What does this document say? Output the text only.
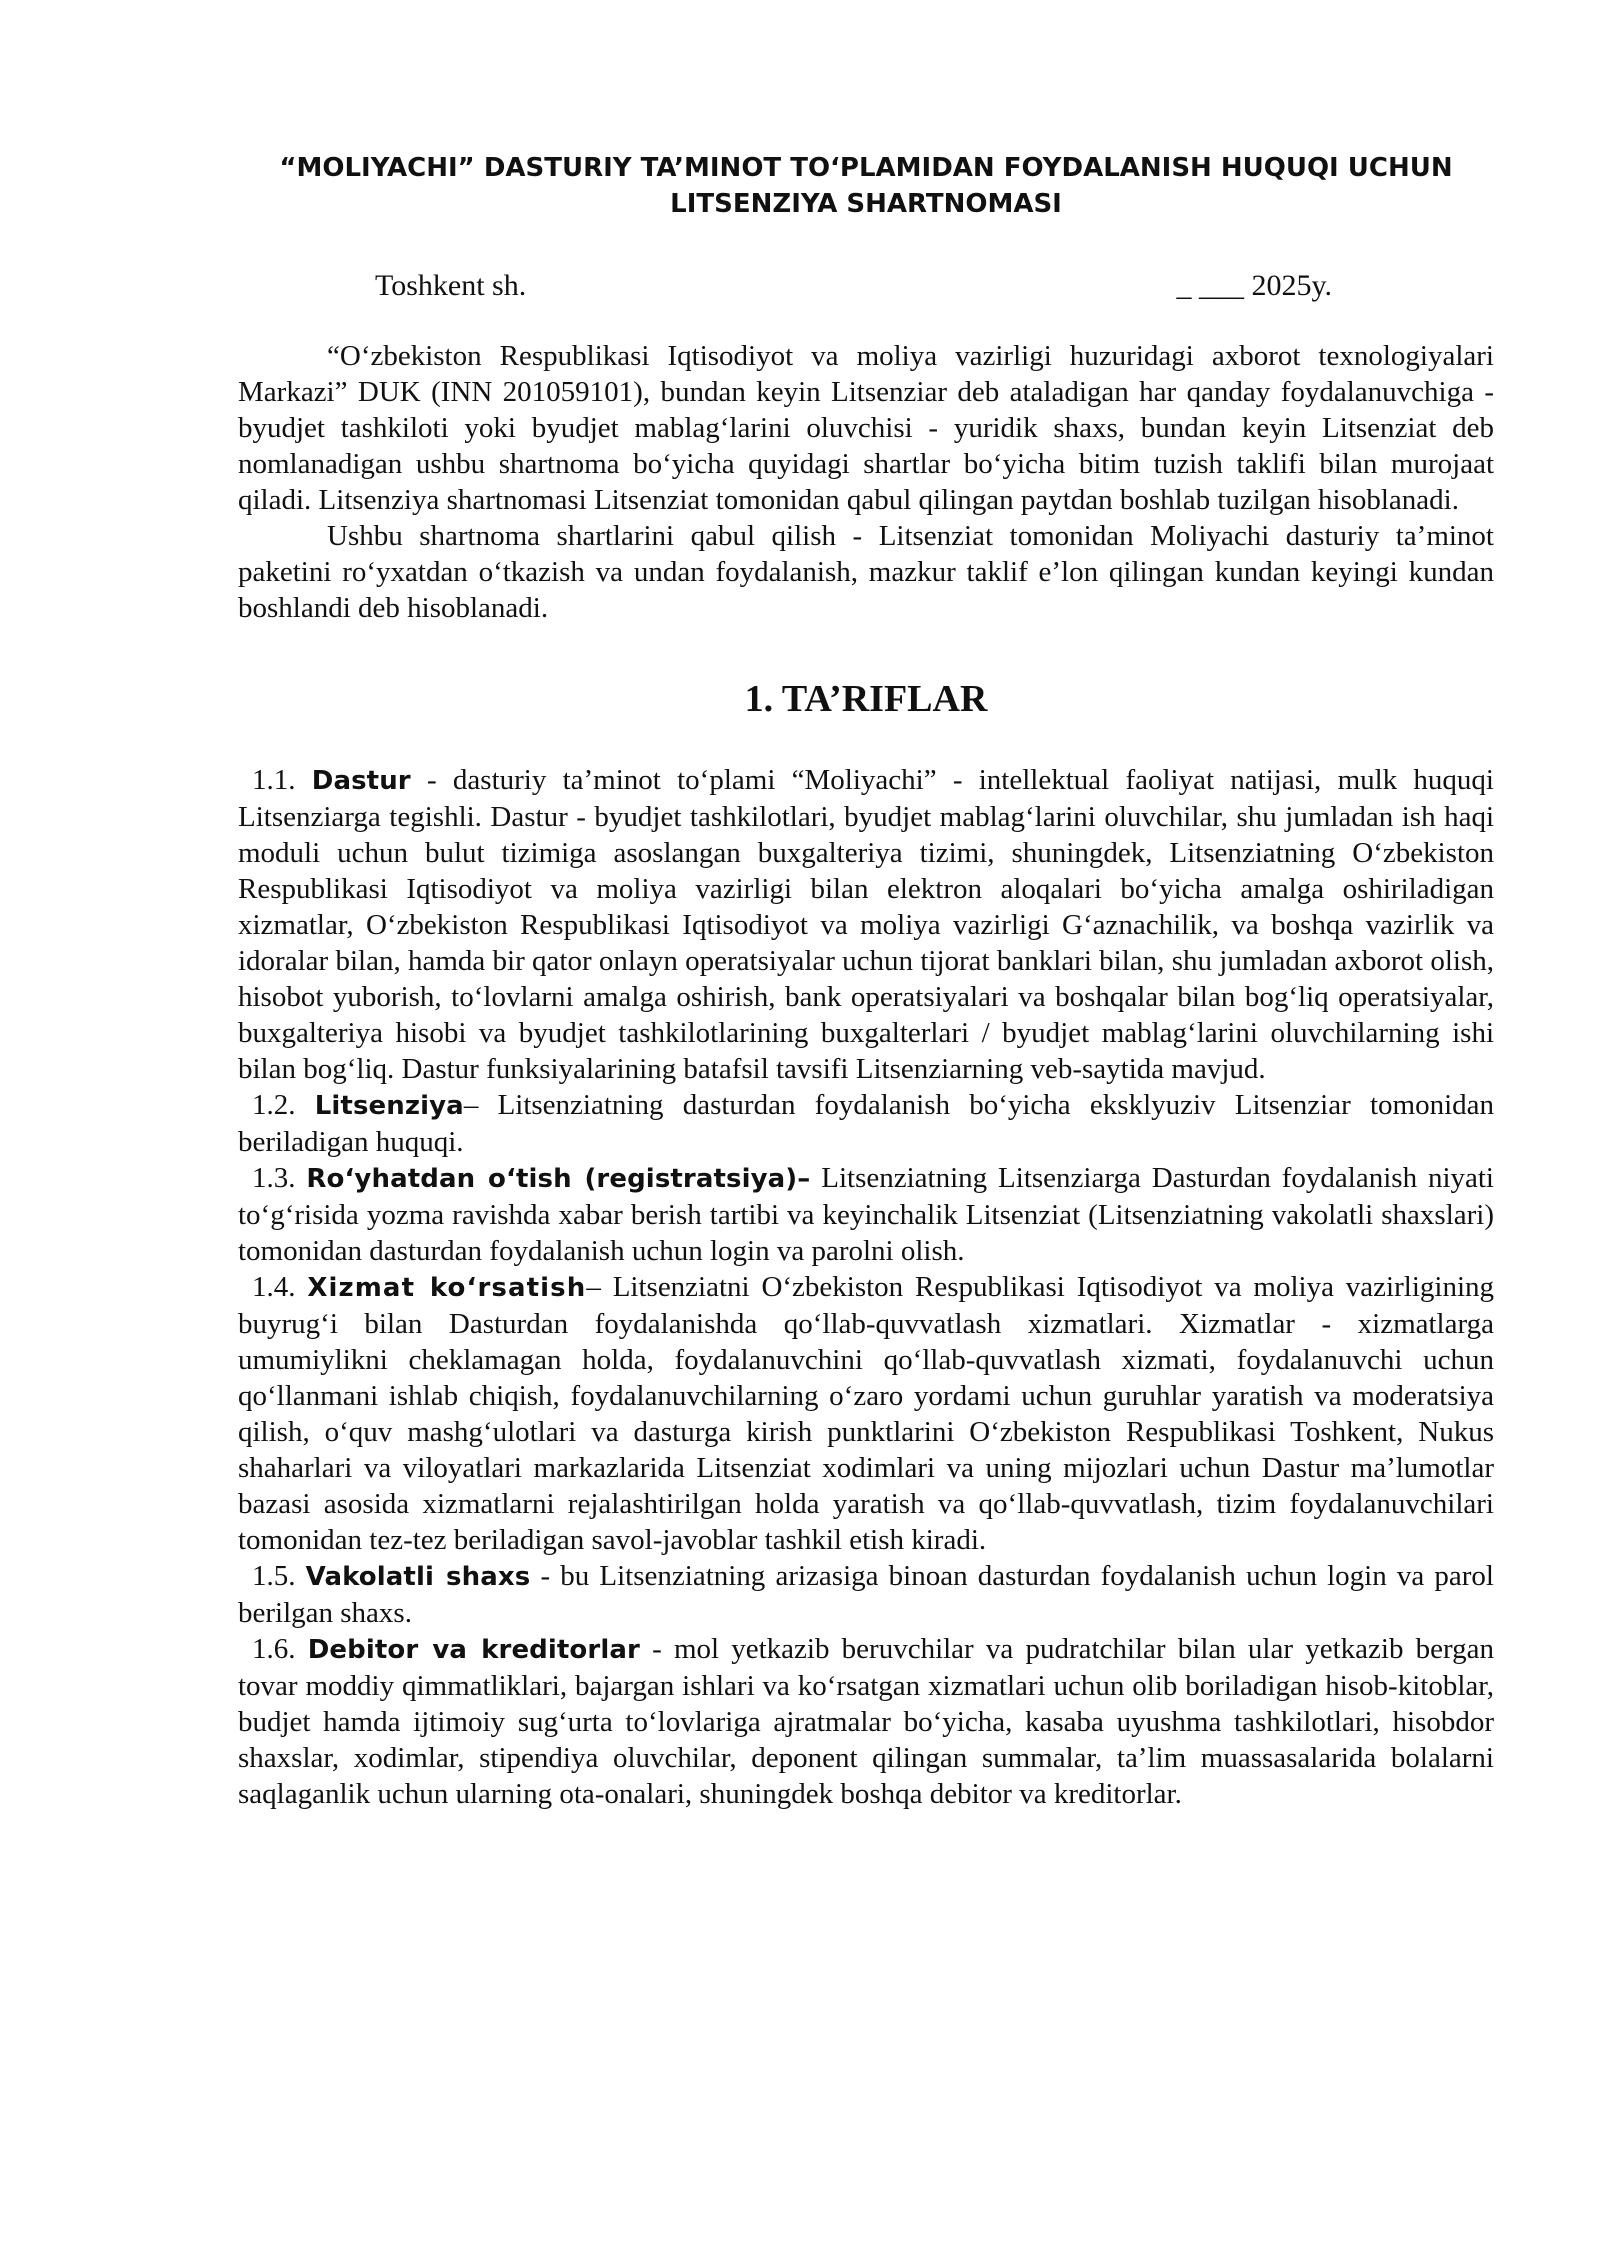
“MOLIYACHI” DASTURIY TA’MINOT TO‘PLAMIDAN FOYDALANISH HUQUQI UCHUN LITSENZIYA SHARTNOMASI
Toshkent sh.	_ ___ 2025y.

“O‘zbekiston Respublikasi Iqtisodiyot va moliya vazirligi huzuridagi axborot texnologiyalari Markazi” DUK (INN 201059101), bundan keyin Litsenziar deb ataladigan har qanday foydalanuvchiga - byudjet tashkiloti yoki byudjet mablag‘larini oluvchisi - yuridik shaxs, bundan keyin Litsenziat deb nomlanadigan ushbu shartnoma bo‘yicha quyidagi shartlar bo‘yicha bitim tuzish taklifi bilan murojaat qiladi. Litsenziya shartnomasi Litsenziat tomonidan qabul qilingan paytdan boshlab tuzilgan hisoblanadi.

Ushbu shartnoma shartlarini qabul qilish - Litsenziat tomonidan Moliyachi dasturiy ta’minot paketini ro‘yxatdan o‘tkazish va undan foydalanish, mazkur taklif e’lon qilingan kundan keyingi kundan boshlandi deb hisoblanadi.

1. TA’RIFLAR

1.1. Dastur - dasturiy ta’minot to‘plami “Moliyachi” - intellektual faoliyat natijasi, mulk huquqi Litsenziarga tegishli. Dastur - byudjet tashkilotlari, byudjet mablag‘larini oluvchilar, shu jumladan ish haqi moduli uchun bulut tizimiga asoslangan buxgalteriya tizimi, shuningdek, Litsenziatning O‘zbekiston Respublikasi Iqtisodiyot va moliya vazirligi bilan elektron aloqalari bo‘yicha amalga oshiriladigan xizmatlar, O‘zbekiston Respublikasi Iqtisodiyot va moliya vazirligi G‘aznachilik, va boshqa vazirlik va idoralar bilan, hamda bir qator onlayn operatsiyalar uchun tijorat banklari bilan, shu jumladan axborot olish, hisobot yuborish, to‘lovlarni amalga oshirish, bank operatsiyalari va boshqalar bilan bog‘liq operatsiyalar, buxgalteriya hisobi va byudjet tashkilotlarining buxgalterlari / byudjet mablag‘larini oluvchilarning ishi bilan bog‘liq. Dastur funksiyalarining batafsil tavsifi Litsenziarning veb-saytida mavjud.

1.2. Litsenziya– Litsenziatning dasturdan foydalanish bo‘yicha eksklyuziv Litsenziar tomonidan beriladigan huquqi.

1.3. Ro‘yhatdan o‘tish (registratsiya)– Litsenziatning Litsenziarga Dasturdan foydalanish niyati to‘g‘risida yozma ravishda xabar berish tartibi va keyinchalik Litsenziat (Litsenziatning vakolatli shaxslari) tomonidan dasturdan foydalanish uchun login va parolni olish.

1.4. Xizmat ko‘rsatish– Litsenziatni O‘zbekiston Respublikasi Iqtisodiyot va moliya vazirligining buyrug‘i bilan Dasturdan foydalanishda qo‘llab-quvvatlash xizmatlari. Xizmatlar - xizmatlarga umumiylikni cheklamagan holda, foydalanuvchini qo‘llab-quvvatlash xizmati, foydalanuvchi uchun qo‘llanmani ishlab chiqish, foydalanuvchilarning o‘zaro yordami uchun guruhlar yaratish va moderatsiya qilish, o‘quv mashg‘ulotlari va dasturga kirish punktlarini O‘zbekiston Respublikasi Toshkent, Nukus shaharlari va viloyatlari markazlarida Litsenziat xodimlari va uning mijozlari uchun Dastur ma’lumotlar bazasi asosida xizmatlarni rejalashtirilgan holda yaratish va qo‘llab-quvvatlash, tizim foydalanuvchilari tomonidan tez-tez beriladigan savol-javoblar tashkil etish kiradi.

1.5. Vakolatli shaxs - bu Litsenziatning arizasiga binoan dasturdan foydalanish uchun login va parol berilgan shaxs.

1.6. Debitor va kreditorlar - mol yetkazib beruvchilar va pudratchilar bilan ular yetkazib bergan tovar moddiy qimmatliklari, bajargan ishlari va ko‘rsatgan xizmatlari uchun olib boriladigan hisob-kitoblar, budjet hamda ijtimoiy sug‘urta to‘lovlariga ajratmalar bo‘yicha, kasaba uyushma tashkilotlari, hisobdor shaxslar, xodimlar, stipendiya oluvchilar, deponent qilingan summalar, ta’lim muassasalarida bolalarni saqlaganlik uchun ularning ota-onalari, shuningdek boshqa debitor va kreditorlar.
